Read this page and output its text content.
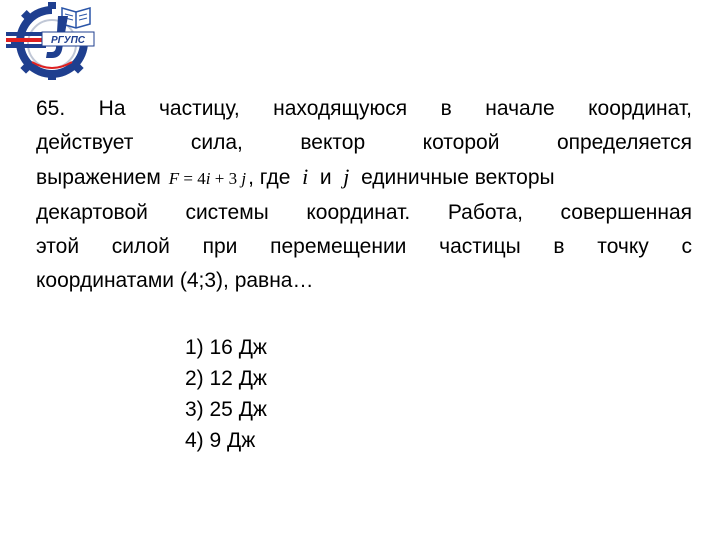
РГУПС
65. На частицу, находящуюся в начале координат,
действует сила, вектор которой определяется
выражением F = 4i + 3 j, где i и j единичные векторы
декартовой системы координат. Работа, совершенная
этой силой при перемещении частицы в точку с
координатами (4;3), равна…
1) 16 Дж
2) 12 Дж
3) 25 Дж
4) 9 Дж
